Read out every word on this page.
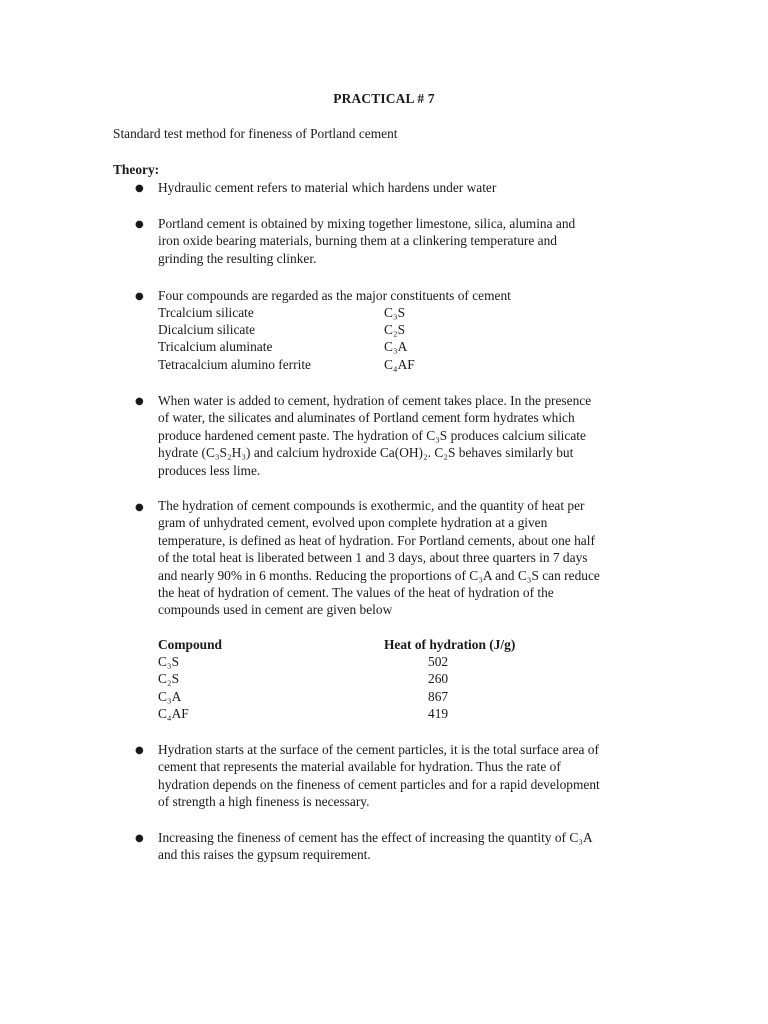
PRACTICAL # 7
Standard test method for fineness of Portland cement
Theory:
● Hydraulic cement refers to material which hardens under water
● Portland cement is obtained by mixing together limestone, silica, alumina and
iron oxide bearing materials, burning them at a clinkering temperature and
grinding the resulting clinker.
● Four compounds are regarded as the major constituents of cement
Trcalcium silicate	C₃S
Dicalcium silicate	C₂S
Tricalcium aluminate	C₃A
Tetracalcium alumino ferrite	C₄AF
● When water is added to cement, hydration of cement takes place. In the presence
of water, the silicates and aluminates of Portland cement form hydrates which
produce hardened cement paste. The hydration of C₃S produces calcium silicate
hydrate (C₃S₂H₃) and calcium hydroxide Ca(OH)₂. C₂S behaves similarly but
produces less lime.
● The hydration of cement compounds is exothermic, and the quantity of heat per
gram of unhydrated cement, evolved upon complete hydration at a given
temperature, is defined as heat of hydration. For Portland cements, about one half
of the total heat is liberated between 1 and 3 days, about three quarters in 7 days
and nearly 90% in 6 months. Reducing the proportions of C₃A and C₃S can reduce
the heat of hydration of cement. The values of the heat of hydration of the
compounds used in cement are given below
Compound	Heat of hydration (J/g)
C₃S	502
C₂S	260
C₃A	867
C₄AF	419
● Hydration starts at the surface of the cement particles, it is the total surface area of
cement that represents the material available for hydration. Thus the rate of
hydration depends on the fineness of cement particles and for a rapid development
of strength a high fineness is necessary.
● Increasing the fineness of cement has the effect of increasing the quantity of C₃A
and this raises the gypsum requirement.
